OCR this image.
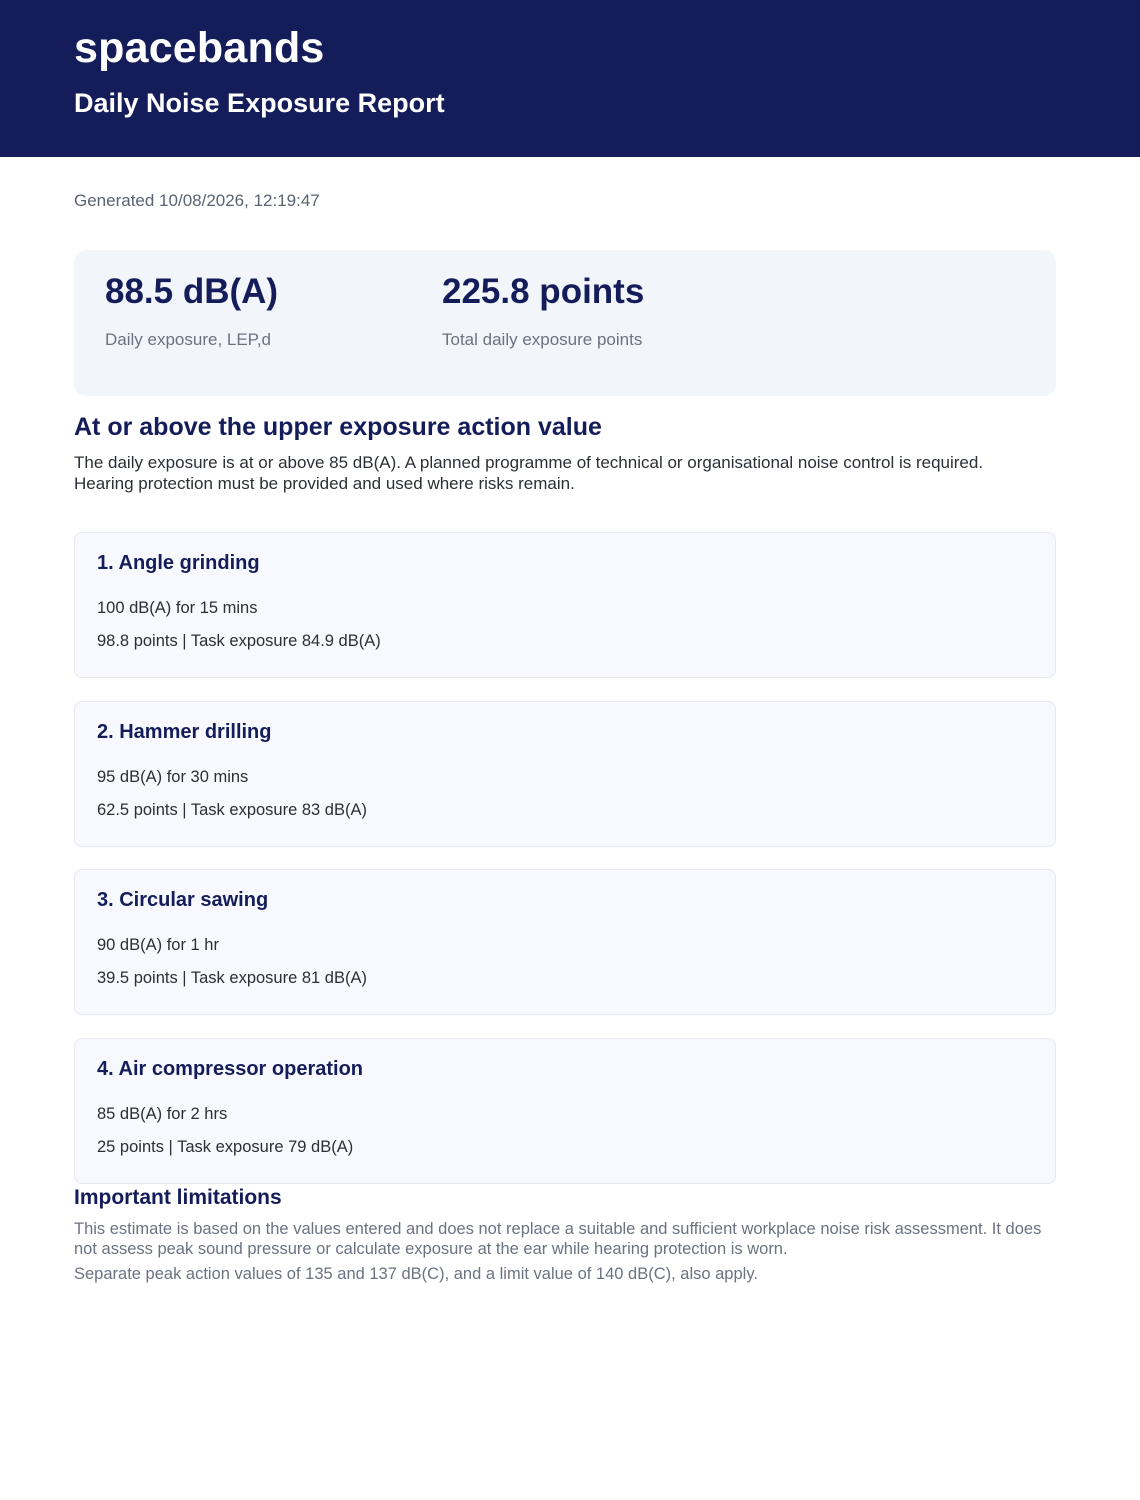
spacebands
Daily Noise Exposure Report
Generated 10/08/2026, 12:19:47
88.5 dB(A)
Daily exposure, LEP,d
225.8 points
Total daily exposure points
At or above the upper exposure action value

The daily exposure is at or above 85 dB(A). A planned programme of technical or organisational noise control is required. Hearing protection must be provided and used where risks remain.

1. Angle grinding
100 dB(A) for 15 mins
98.8 points | Task exposure 84.9 dB(A)
2. Hammer drilling
95 dB(A) for 30 mins
62.5 points | Task exposure 83 dB(A)
3. Circular sawing
90 dB(A) for 1 hr
39.5 points | Task exposure 81 dB(A)
4. Air compressor operation
85 dB(A) for 2 hrs
25 points | Task exposure 79 dB(A)
Important limitations

This estimate is based on the values entered and does not replace a suitable and sufficient workplace noise risk assessment. It does not assess peak sound pressure or calculate exposure at the ear while hearing protection is worn.

Separate peak action values of 135 and 137 dB(C), and a limit value of 140 dB(C), also apply.
